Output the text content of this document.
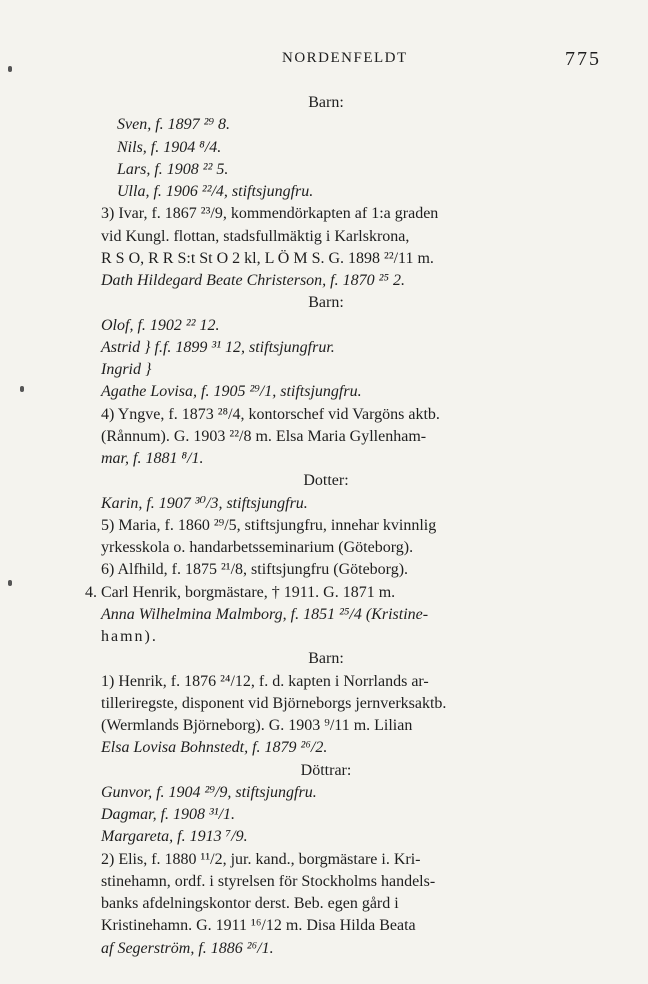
NORDENFELDT	775
Barn:
Sven, f. 1897 ²⁹ 8.
Nils, f. 1904 ⁸/4.
Lars, f. 1908 ²² 5.
Ulla, f. 1906 ²²/4, stiftsjungfru.
3) Ivar, f. 1867 ²³/9, kommendörkapten af 1:a graden
vid Kungl. flottan, stadsfullmäktig i Karlskrona,
R S O, R R S:t St O 2 kl, L Ö M S. G. 1898 ²²/11 m.
Dath Hildegard Beate Christerson, f. 1870 ²⁵ 2.
Barn:
Olof, f. 1902 ²² 12.
Astrid } f.f. 1899 ³¹ 12, stiftsjungfrur.
Ingrid }
Agathe Lovisa, f. 1905 ²⁹/1, stiftsjungfru.
4) Yngve, f. 1873 ²⁸/4, kontorschef vid Vargöns aktb.
(Rånnum). G. 1903 ²²/8 m. Elsa Maria Gyllenham-
mar, f. 1881 ⁸/1.
Dotter:
Karin, f. 1907 ³⁰/3, stiftsjungfru.
5) Maria, f. 1860 ²⁹/5, stiftsjungfru, innehar kvinnlig
yrkesskola o. handarbetsseminarium (Göteborg).
6) Alfhild, f. 1875 ²¹/8, stiftsjungfru (Göteborg).
4. Carl Henrik, borgmästare, † 1911. G. 1871 m.
Anna Wilhelmina Malmborg, f. 1851 ²⁵/4 (Kristine-
hamn).
Barn:
1) Henrik, f. 1876 ²⁴/12, f. d. kapten i Norrlands ar-
tilleriregste, disponent vid Björneborgs jernverksaktb.
(Wermlands Björneborg). G. 1903 ⁹/11 m. Lilian
Elsa Lovisa Bohnstedt, f. 1879 ²⁶/2.
Döttrar:
Gunvor, f. 1904 ²⁹/9, stiftsjungfru.
Dagmar, f. 1908 ³¹/1.
Margareta, f. 1913 ⁷/9.
2) Elis, f. 1880 ¹¹/2, jur. kand., borgmästare i. Kri-
stinehamn, ordf. i styrelsen för Stockholms handels-
banks afdelningskontor derst. Beb. egen gård i
Kristinehamn. G. 1911 ¹⁶/12 m. Disa Hilda Beata
af Segerström, f. 1886 ²⁶/1.
